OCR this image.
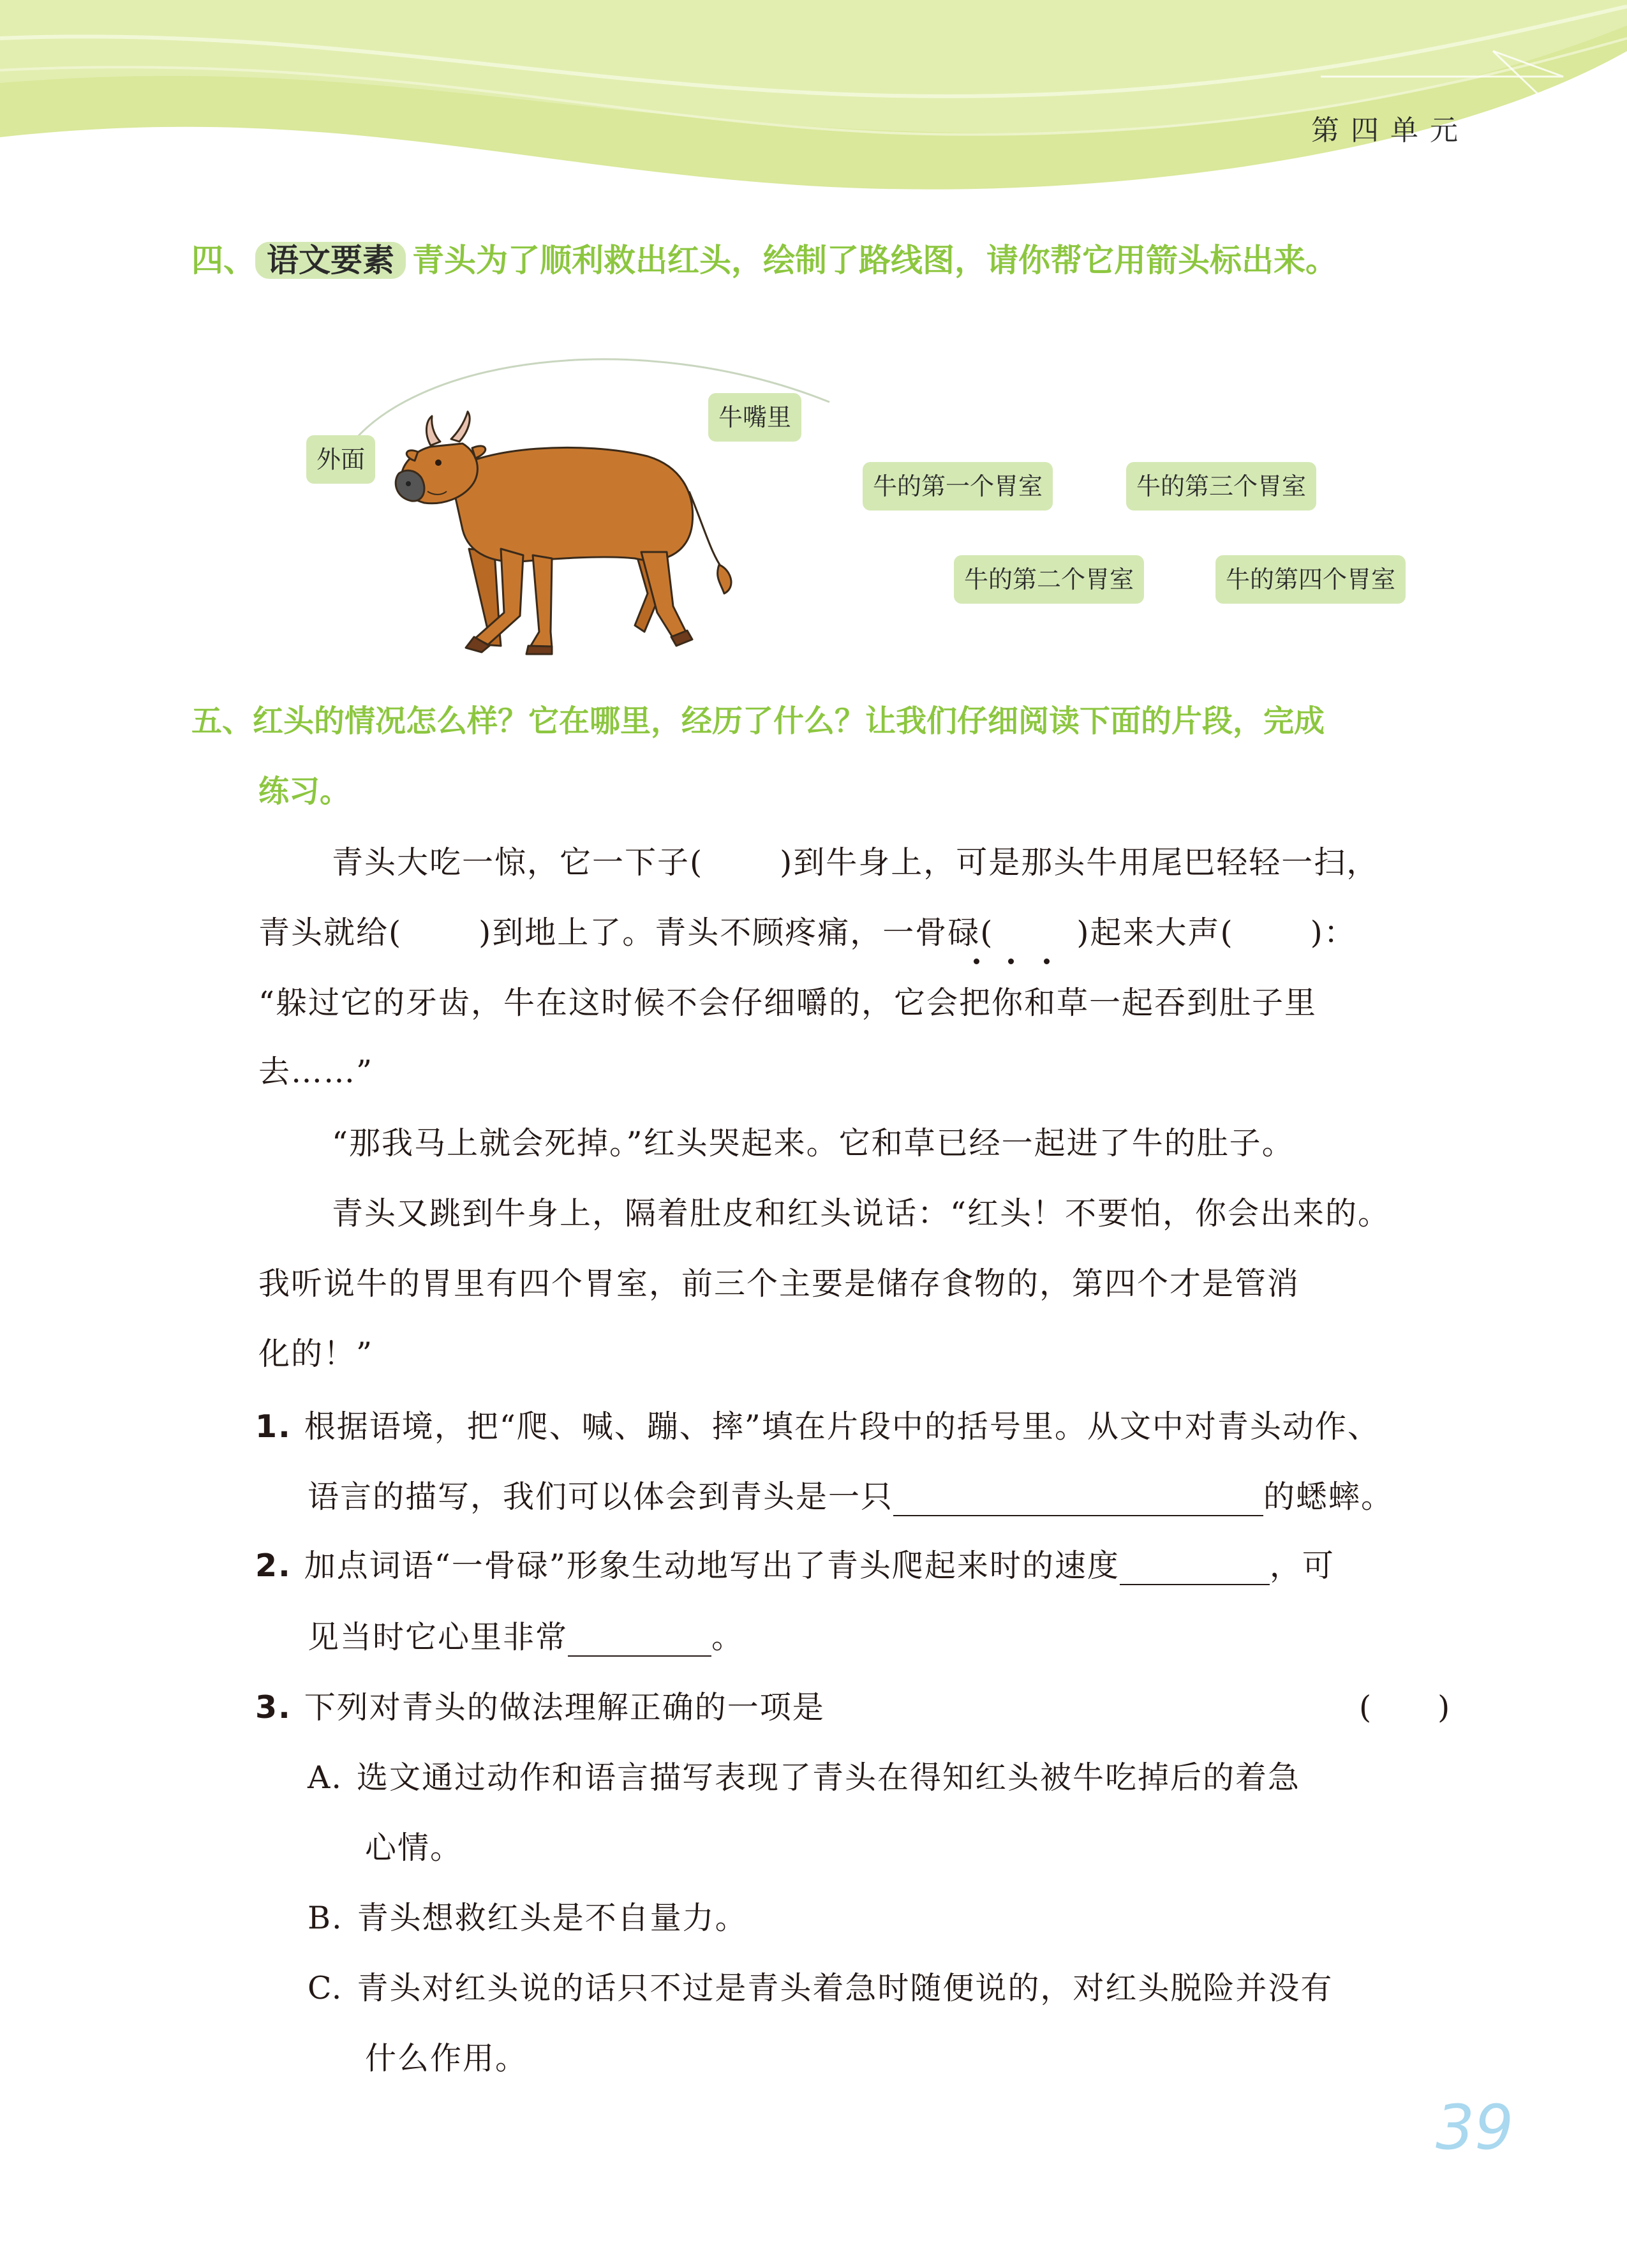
第 四 单 元
四、 语文要素 青头为了顺利救出红头，绘制了路线图，请你帮它用箭头标出来。
外面
牛嘴里
牛的第一个胃室	牛的第三个胃室
牛的第二个胃室	牛的第四个胃室
五、红头的情况怎么样？它在哪里，经历了什么？让我们仔细阅读下面的片段，完成
练习。
青头大吃一惊，它一下子( )到牛身上，可是那头牛用尾巴轻轻一扫，
青头就给( )到地上了。青头不顾疼痛，一骨碌(	)起来大声( )：
“躲过它的牙齿，牛在这时候不会仔细嚼的，它会把你和草一起吞到肚子里
去……”
“那我马上就会死掉。”红头哭起来。它和草已经一起进了牛的肚子。
青头又跳到牛身上，隔着肚皮和红头说话：“红头！不要怕，你会出来的。
我听说牛的胃里有四个胃室，前三个主要是储存食物的，第四个才是管消
化的！”
1. 根据语境，把“爬、喊、蹦、摔”填在片段中的括号里。从文中对青头动作、
语言的描写，我们可以体会到青头是一只	的蟋蟀。
2. 加点词语“一骨碌”形象生动地写出了青头爬起来时的速度	，可
见当时它心里非常	。
3. 下列对青头的做法理解正确的一项是	(　　)
A. 选文通过动作和语言描写表现了青头在得知红头被牛吃掉后的着急
心情。
B. 青头想救红头是不自量力。
C. 青头对红头说的话只不过是青头着急时随便说的，对红头脱险并没有
什么作用。
39
